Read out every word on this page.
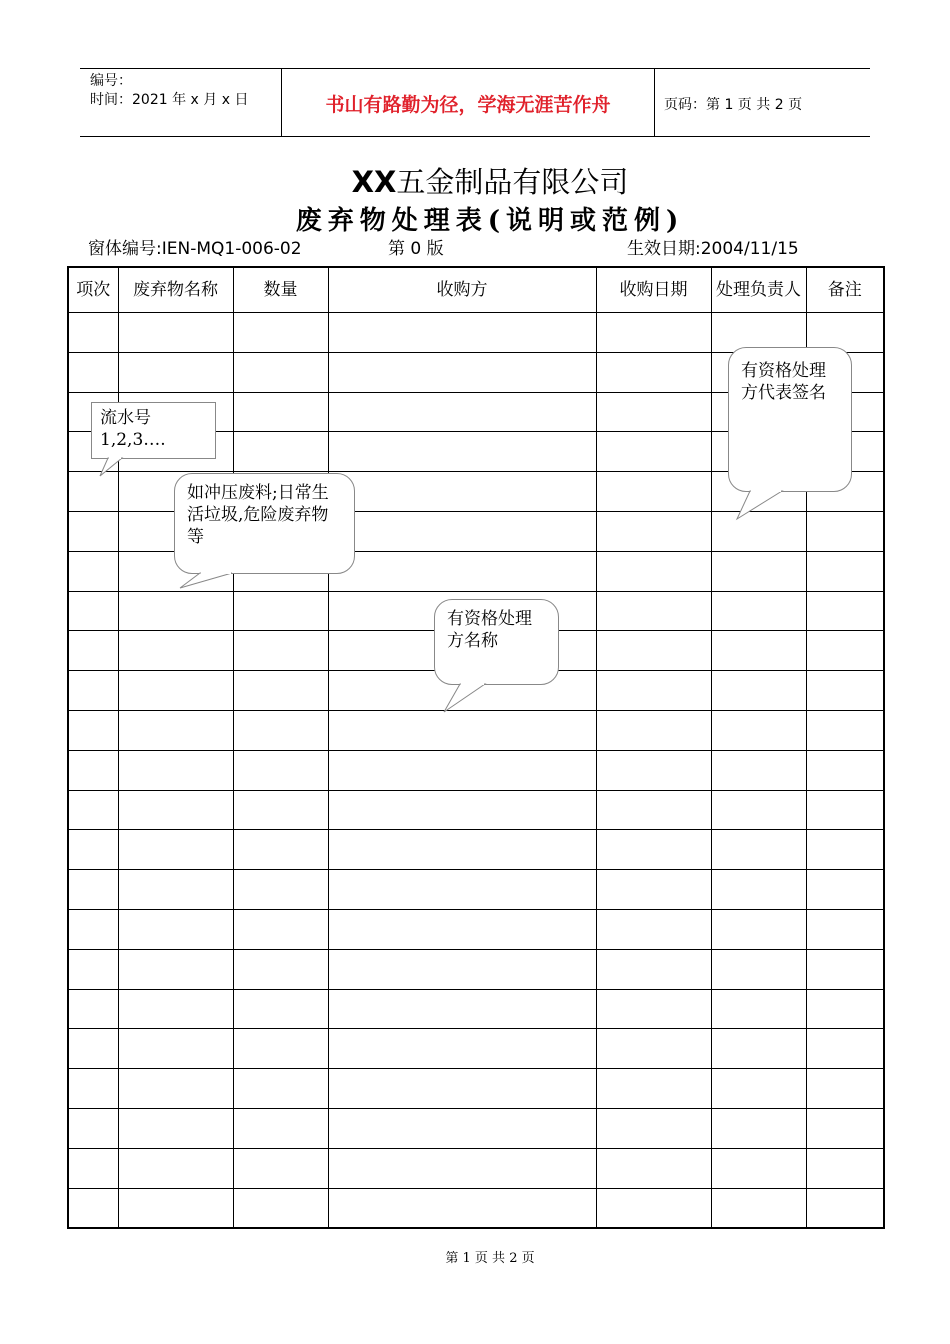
编号：
时间：2021 年 x 月 x 日	书山有路勤为径，学海无涯苦作舟	页码：第 1 页 共 2 页
XX五金制品有限公司
废弃物处理表(说明或范例)
窗体编号:IEN-MQ1-006-02	第 0 版	生效日期:2004/11/15
项次	废弃物名称	数量	收购方	收购日期	处理负责人	备注

流水号 1,2,3….
如冲压废料;日常生活垃圾,危险废弃物等
有资格处理方名称
有资格处理方代表签名
第 1 页 共 2 页
